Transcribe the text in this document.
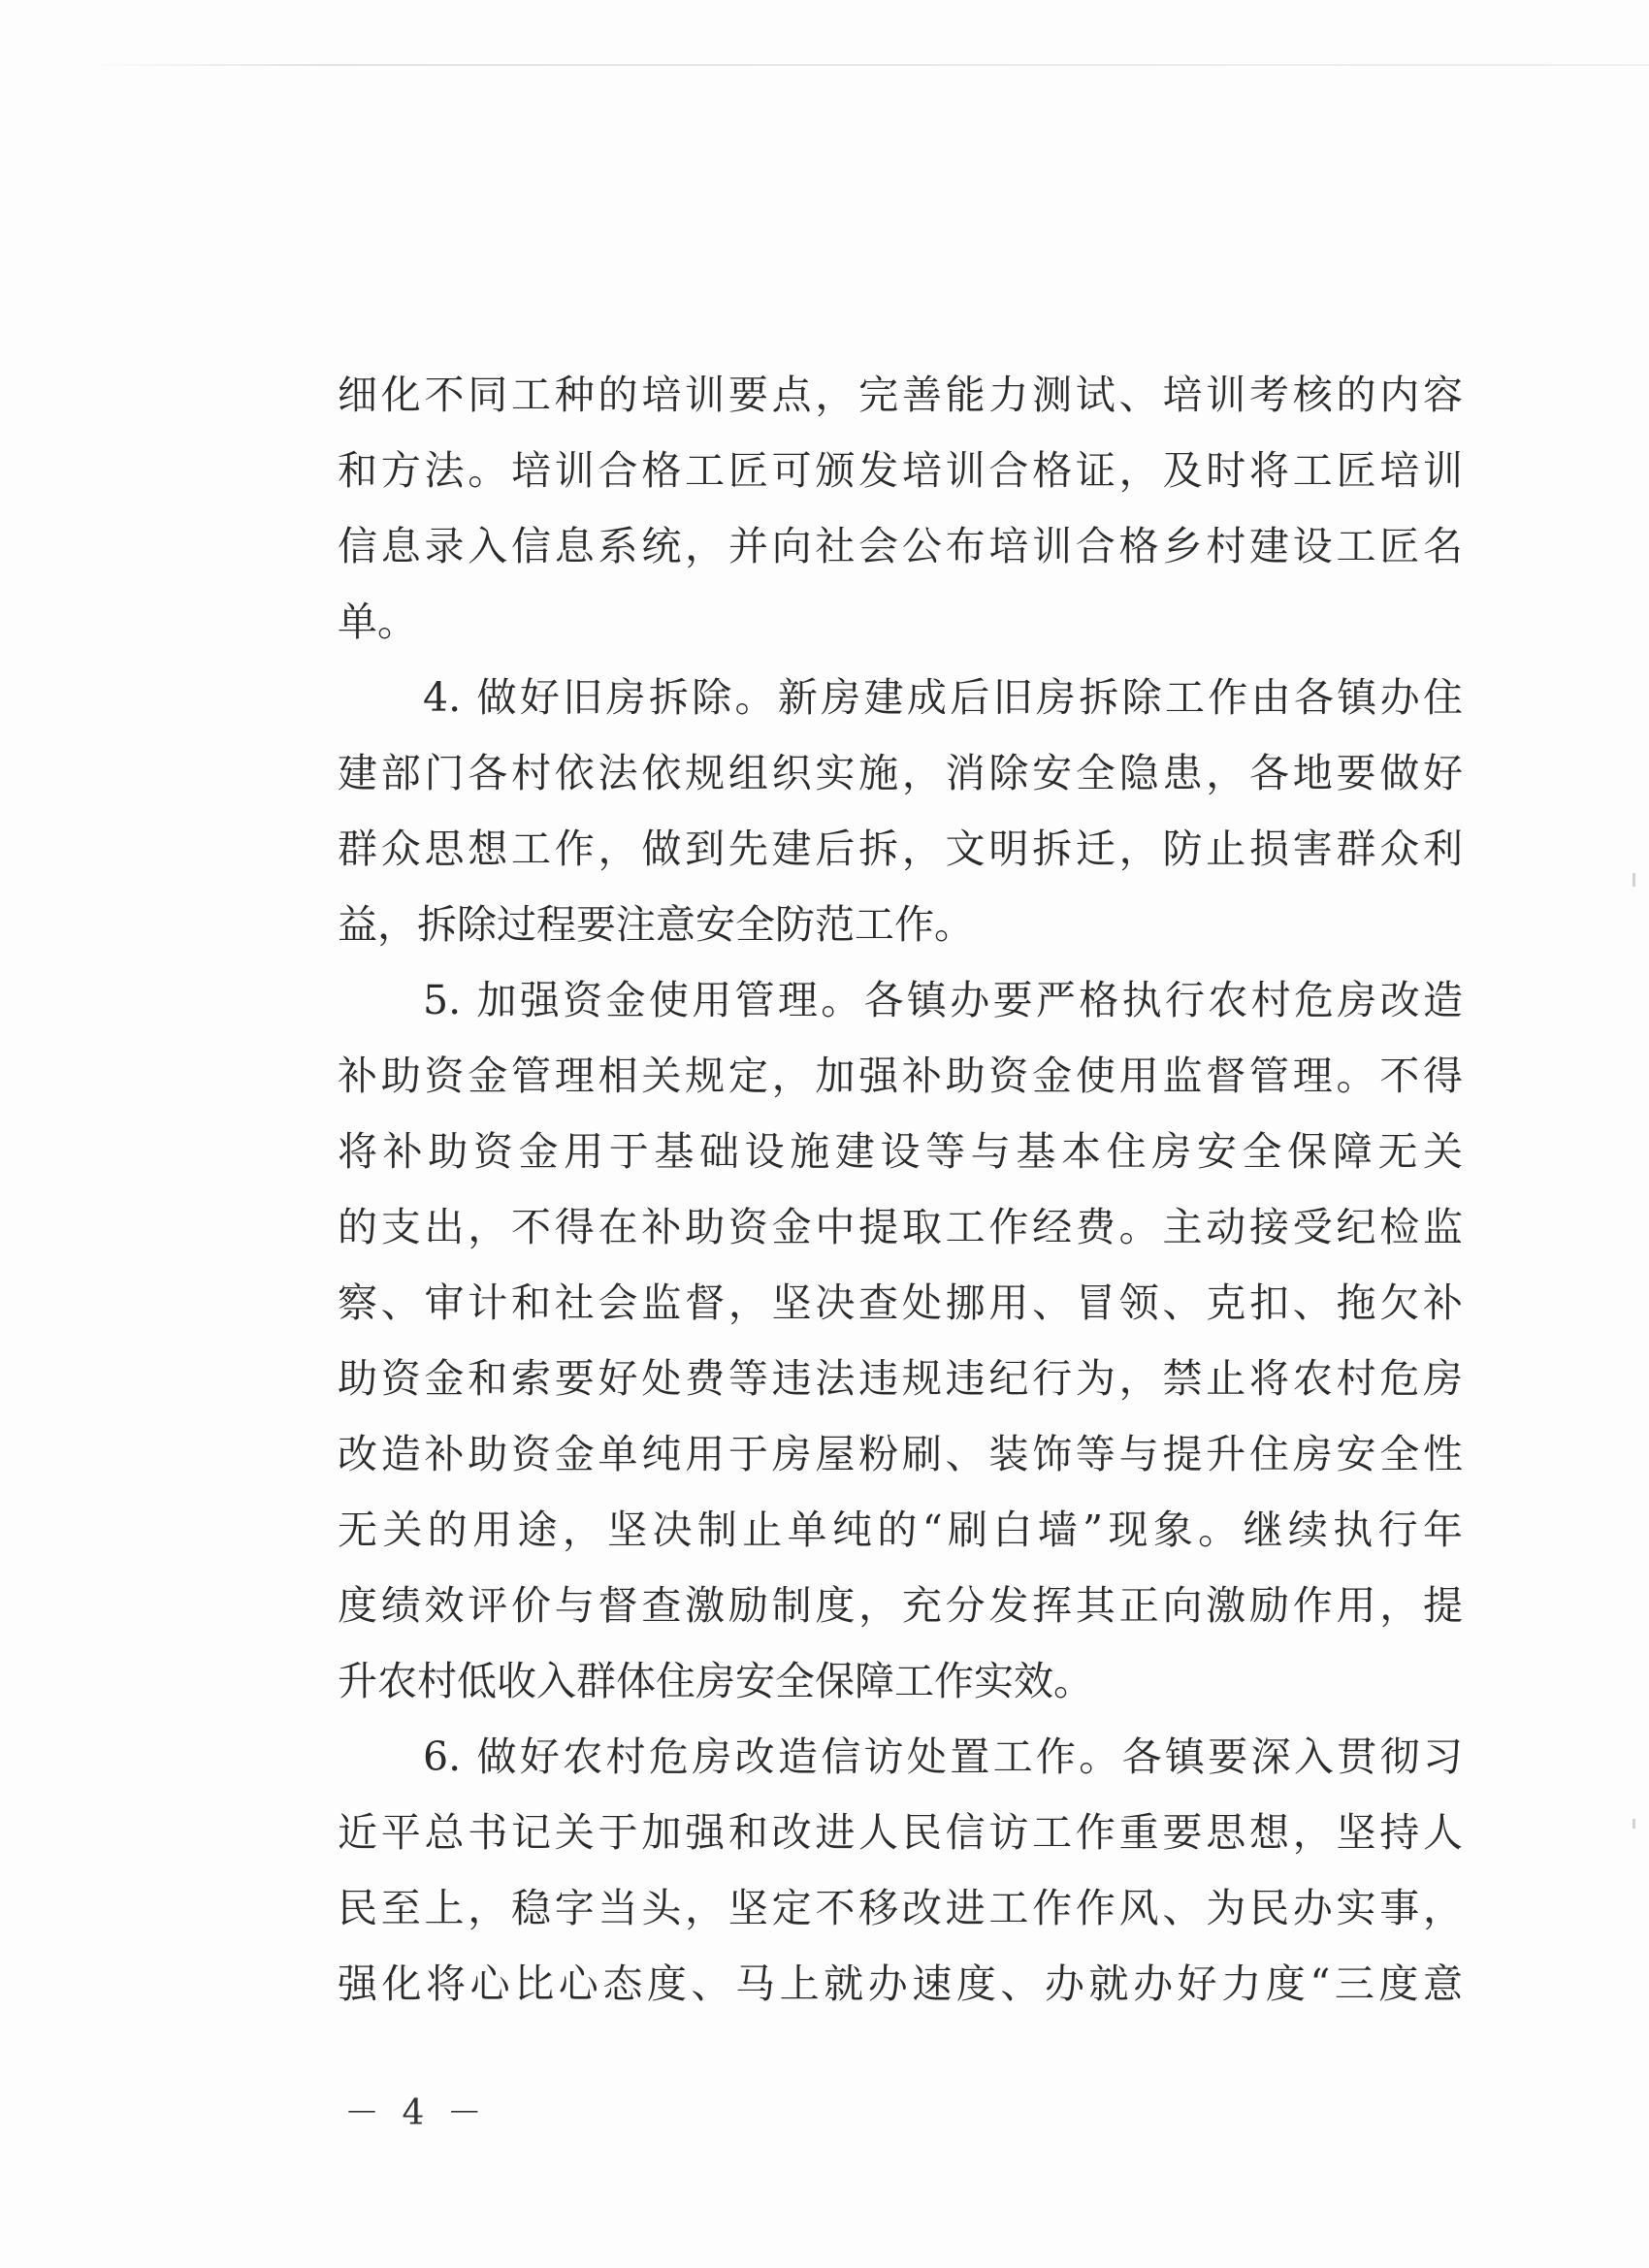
细化不同工种的培训要点，完善能力测试、培训考核的内容
和方法。培训合格工匠可颁发培训合格证，及时将工匠培训
信息录入信息系统，并向社会公布培训合格乡村建设工匠名
单。
4. 做好旧房拆除。新房建成后旧房拆除工作由各镇办住
建部门各村依法依规组织实施，消除安全隐患，各地要做好
群众思想工作，做到先建后拆，文明拆迁，防止损害群众利
益，拆除过程要注意安全防范工作。
5. 加强资金使用管理。各镇办要严格执行农村危房改造
补助资金管理相关规定，加强补助资金使用监督管理。不得
将补助资金用于基础设施建设等与基本住房安全保障无关
的支出，不得在补助资金中提取工作经费。主动接受纪检监
察、审计和社会监督，坚决查处挪用、冒领、克扣、拖欠补
助资金和索要好处费等违法违规违纪行为，禁止将农村危房
改造补助资金单纯用于房屋粉刷、装饰等与提升住房安全性
无关的用途，坚决制止单纯的“刷白墙”现象。继续执行年
度绩效评价与督查激励制度，充分发挥其正向激励作用，提
升农村低收入群体住房安全保障工作实效。
6. 做好农村危房改造信访处置工作。各镇要深入贯彻习
近平总书记关于加强和改进人民信访工作重要思想，坚持人
民至上，稳字当头，坚定不移改进工作作风、为民办实事，
强化将心比心态度、马上就办速度、办就办好力度“三度意
－ 4 －
